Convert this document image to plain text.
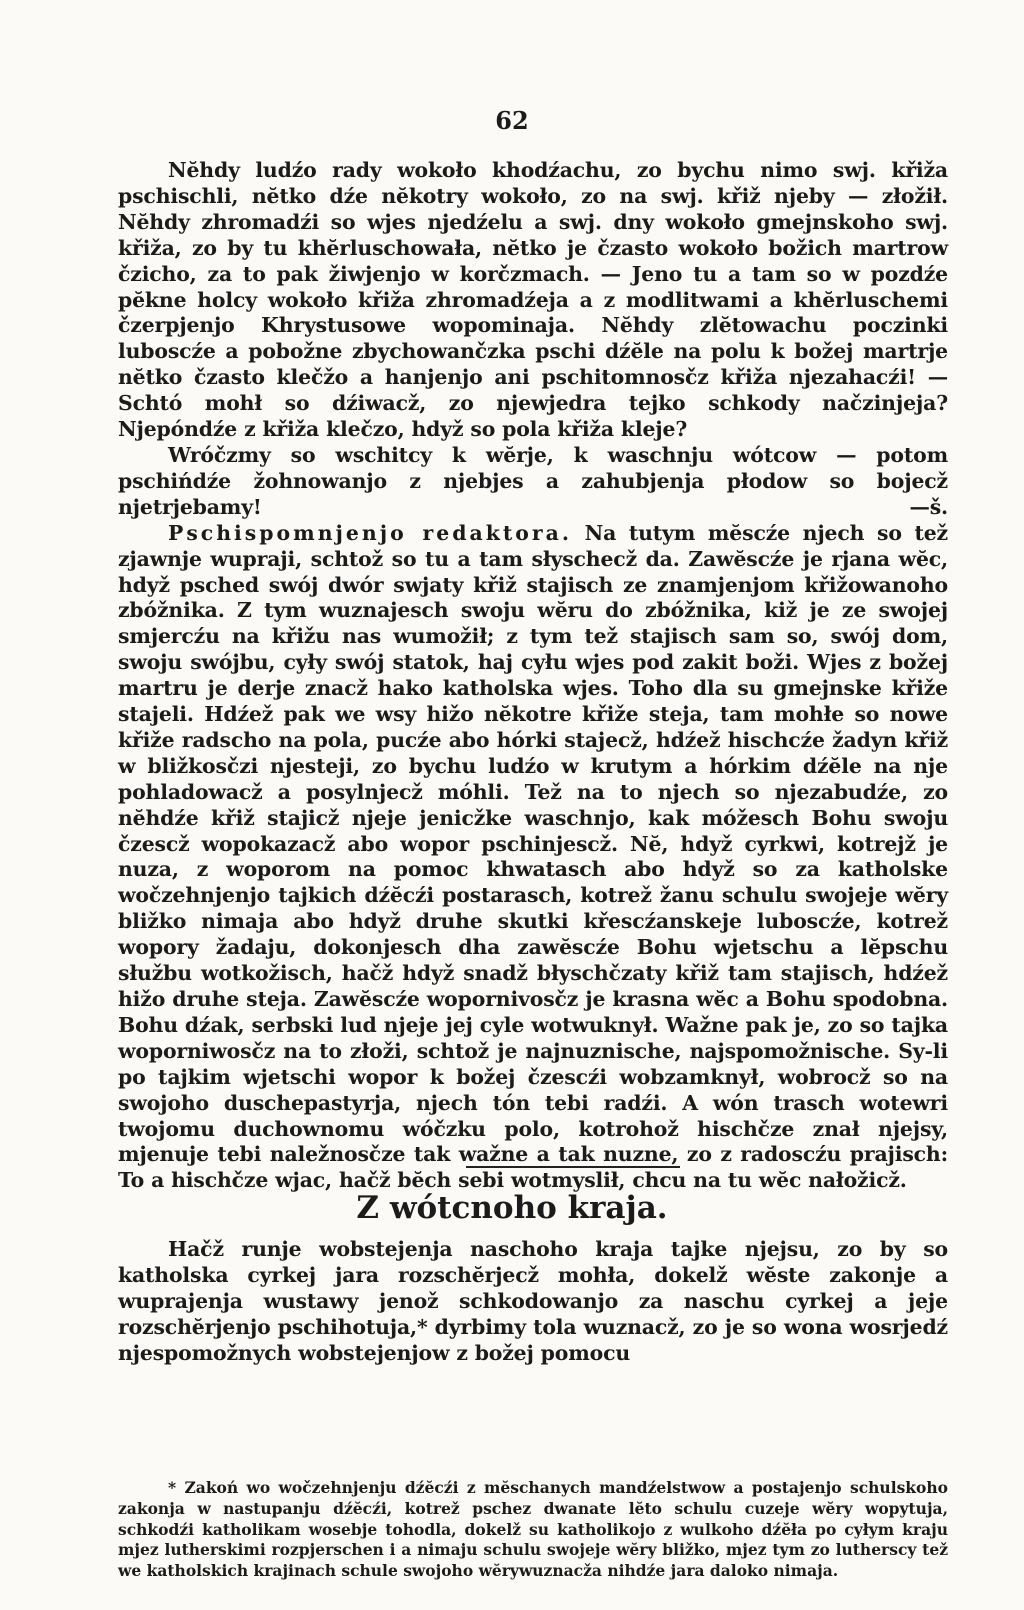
62

Nĕhdy ludźo rady wokoło khodźachu, zo bychu nimo swj. křiža pschischli, nĕtko dźe nĕkotry wokoło, zo na swj. křiž njeby — złožił. Nĕhdy zhromadźi so wjes njedźelu a swj. dny wokoło gmejnskoho swj. křiža, zo by tu khĕrluschowała, nĕtko je čzasto wokoło božich martrow čzicho, za to pak žiwjenjo w korčzmach. — Jeno tu a tam so w pozdźe pĕkne holcy wokoło křiža zhromadźeja a z modlitwami a khĕrluschemi čzerpjenjo Khrystusowe wopominaja. Nĕhdy zlĕtowachu poczinki luboscźe a pobožne zbychowančzka pschi dźĕle na polu k božej martrje nĕtko čzasto klečžo a hanjenjo ani pschitomnosčz křiža njezahacźi! — Schtó mohł so dźiwacž, zo njewjedra tejko schkody načzinjeja? Njepóndźe z křiža klečzo, hdyž so pola křiža kleje?

Wróčzmy so wschitcy k wĕrje, k waschnju wótcow — potom pschińdźe žohnowanjo z njebjes a zahubjenja płodow so bojecž njetrjebamy!	—š.

Pschispomnjenjo redaktora. Na tutym mĕscźe njech so tež zjawnje wupraji, schtož so tu a tam słyschecž da. Zawĕscźe je rjana wĕc, hdyž psched swój dwór swjaty křiž stajisch ze znamjenjom křižowanoho zbóžnika. Z tym wuznajesch swoju wĕru do zbóžnika, kiž je ze swojej smjercźu na křižu nas wumožił; z tym tež stajisch sam so, swój dom, swoju swójbu, cyły swój statok, haj cyłu wjes pod zakit boži. Wjes z božej martru je derje znacž hako katholska wjes. Toho dla su gmejnske křiže stajeli. Hdźež pak we wsy hižo nĕkotre křiže steja, tam mohłe so nowe křiže radscho na pola, pucźe abo hórki stajecž, hdźež hischcźe žadyn křiž w bližkosčzi njesteji, zo bychu ludźo w krutym a hórkim dźĕle na nje pohladowacž a posylnjecž móhli. Tež na to njech so njezabudźe, zo nĕhdźe křiž stajicž njeje jenicžke waschnjo, kak móžesch Bohu swoju čzescž wopokazacž abo wopor pschinjescž. Nĕ, hdyž cyrkwi, kotrejž je nuza, z woporom na pomoc khwatasch abo hdyž so za katholske wočzehnjenjo tajkich dźĕcźi postarasch, kotrež žanu schulu swojeje wĕry bližko nimaja abo hdyž druhe skutki křescźanskeje luboscźe, kotrež wopory žadaju, dokonjesch dha zawĕscźe Bohu wjetschu a lĕpschu słužbu wotkožisch, hačž hdyž snadž błyschčzaty křiž tam stajisch, hdźež hižo druhe steja. Zawĕscźe wopornivosčz je krasna wĕc a Bohu spodobna. Bohu dźak, serbski lud njeje jej cyle wotwuknył. Wažne pak je, zo so tajka woporniwosčz na to złoži, schtož je najnuznische, najspomožnische. Sy-li po tajkim wjetschi wopor k božej čzescźi wobzamknył, wobrocž so na swojoho duschepastyrja, njech tón tebi radźi. A wón trasch wotewri twojomu duchownomu wóčzku polo, kotrohož hischčze znał njejsy, mjenuje tebi naležnosčze tak wažne a tak nuzne, zo z radoscźu prajisch: To a hischčze wjac, hačž bĕch sebi wotmyslił, chcu na tu wĕc nałožicž.

Z wótcnoho kraja.

Hačž runje wobstejenja naschoho kraja tajke njejsu, zo by so katholska cyrkej jara rozschĕrjecž mohła, dokelž wĕste zakonje a wuprajenja wustawy jenož schkodowanjo za naschu cyrkej a jeje rozschĕrjenjo pschihotuja,* dyrbimy tola wuznacž, zo je so wona wosrjedź njespomožnych wobstejenjow z božej pomocu

* Zakoń wo wočzehnjenju dźĕcźi z mĕschanych mandźelstwow a postajenjo schulskoho zakonja w nastupanju dźĕcźi, kotrež pschez dwanate lĕto schulu cuzeje wĕry wopytuja, schkodźi katholikam wosebje tohodla, dokelž su katholikojo z wulkoho dźĕła po cyłym kraju mjez lutherskimi rozpjerschen i a nimaju schulu swojeje wĕry bližko, mjez tym zo lutherscy tež we katholskich krajinach schule swojoho wĕrywuznacža nihdźe jara daloko nimaja.
